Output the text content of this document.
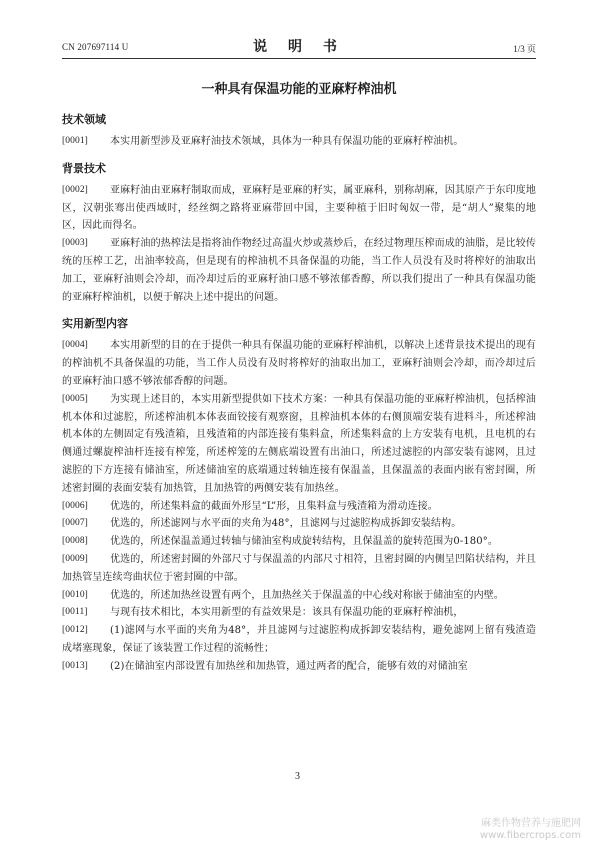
CN 207697114 U	说 明 书	1/3 页
一种具有保温功能的亚麻籽榨油机
技术领域

[0001] 本实用新型涉及亚麻籽油技术领域，具体为一种具有保温功能的亚麻籽榨油机。

背景技术

[0002] 亚麻籽油由亚麻籽制取而成，亚麻籽是亚麻的籽实，属亚麻科，别称胡麻，因其原产于东印度地区，汉朝张骞出使西域时，经丝绸之路将亚麻带回中国，主要种植于旧时匈奴一带，是“胡人”聚集的地区，因此而得名。

[0003] 亚麻籽油的热榨法是指将油作物经过高温火炒或蒸炒后，在经过物理压榨而成的油脂，是比较传统的压榨工艺，出油率较高，但是现有的榨油机不具备保温的功能，当工作人员没有及时将榨好的油取出加工，亚麻籽油则会冷却，而冷却过后的亚麻籽油口感不够浓郁香醇，所以我们提出了一种具有保温功能的亚麻籽榨油机，以便于解决上述中提出的问题。

实用新型内容

[0004] 本实用新型的目的在于提供一种具有保温功能的亚麻籽榨油机，以解决上述背景技术提出的现有的榨油机不具备保温的功能，当工作人员没有及时将榨好的油取出加工，亚麻籽油则会冷却，而冷却过后的亚麻籽油口感不够浓郁香醇的问题。

[0005] 为实现上述目的，本实用新型提供如下技术方案：一种具有保温功能的亚麻籽榨油机，包括榨油机本体和过滤腔，所述榨油机本体表面铰接有观察窗，且榨油机本体的右侧顶端安装有进料斗，所述榨油机本体的左侧固定有残渣箱，且残渣箱的内部连接有集料盒，所述集料盒的上方安装有电机，且电机的右侧通过螺旋榨油杆连接有榨笼，所述榨笼的左侧底端设置有出油口，所述过滤腔的内部安装有滤网，且过滤腔的下方连接有储油室，所述储油室的底端通过转轴连接有保温盖，且保温盖的表面内嵌有密封圈，所述密封圈的表面安装有加热管，且加热管的两侧安装有加热丝。

[0006] 优选的，所述集料盒的截面外形呈“L”形，且集料盒与残渣箱为滑动连接。

[0007] 优选的，所述滤网与水平面的夹角为48°，且滤网与过滤腔构成拆卸安装结构。

[0008] 优选的，所述保温盖通过转轴与储油室构成旋转结构，且保温盖的旋转范围为0-180°。

[0009] 优选的，所述密封圈的外部尺寸与保温盖的内部尺寸相符，且密封圈的内侧呈凹陷状结构，并且加热管呈连续弯曲状位于密封圈的中部。

[0010] 优选的，所述加热丝设置有两个，且加热丝关于保温盖的中心线对称嵌于储油室的内壁。

[0011] 与现有技术相比，本实用新型的有益效果是：该具有保温功能的亚麻籽榨油机，

[0012] (1)滤网与水平面的夹角为48°，并且滤网与过滤腔构成拆卸安装结构，避免滤网上留有残渣造成堵塞现象，保证了该装置工作过程的流畅性；

[0013] (2)在储油室内部设置有加热丝和加热管，通过两者的配合，能够有效的对储油室

3
麻类作物营养与施肥网
www.fibercrops.com
